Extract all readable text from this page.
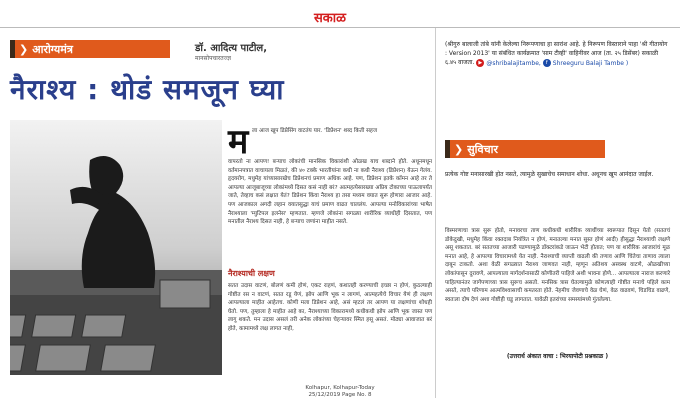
सकाळ
❯ आरोग्यमंत्र	डॉ. आदित्य पाटील,
मानसोपचारतज्ज्ञ
नैराश्य : थोडं समजून घ्या
म ला आज खूप डिप्रेसिंग वाटतंय यार. 'डिप्रेशन' शब्द किती सहज
वापरतो ना आपण! बऱ्याच लोकांची मानसिक विकारांशी ओळख याच शब्दाने होते. अधूनमधून वर्तमानपत्रात वाचायला मिळतं, की ४० टक्के भारतीयांना कधी ना कधी नैराश्य (डिप्रेशन) येऊन गेलंय. हृदयरोग, मधुमेह यांच्यासारखेच डिप्रेशनचं प्रमाण अधिक आहे. पण, डिप्रेशन इतके कॉमन आहे तर ते आपल्या आजूबाजूच्या लोकांमध्ये दिसत कसं नाही बरं? आत्महत्येसारख्या अप्रिय टोकाच्या पाऊलापर्यंत जाते, तेव्हाच कसं लक्षात येतं? डिप्रेशन किंवा नैराश्य हा तसा मध्यम वयात सुरू होणारा आजार आहे. पण आजकाल अगदी लहान वयातसुद्धा याचं प्रमाण वाढत चाललंय. आपल्या मनोविकारांच्या भाषेत नैराश्याला 'म्युटिपल इलनेस' म्हणतात. म्हणजे लोकांना सगळ्या शारीरिक व्याधीही दिसतात, पण मनातील नैराश्य दिसत नाही, हे बऱ्याच जणांना माहीत नसते.
नैराश्याची लक्षण
सतत उदास वाटणं, बोलणं कमी होणं, एकट राहणं, कशातही करण्याची इच्छा न होणं, कुठल्याही गोष्टीत रस न वाटणं, सतत रडू येणं, झोप आणि भूक न लागणं, आत्महत्येचे विचार येणं ही लक्षण आपल्याला माहीत आहेतच. कोणी मला डिप्रेशन आहे, असं म्हटलं तर आपण या लक्षणांचा शोधही घेतो. पण, तुम्हाला हे माहीत आहे का, नैराश्याच्या विकारामध्ये कधीकधी झोप आणि भूक जास्त पण लागू शकते. मन उदास असलं तरी अनेक लोकांच्या चेहऱ्यावर स्मित हसू असतं. मोठ्या आवाजात बरं होते, कामामध्ये लक्ष लागत नाही,
(श्रीगुरु बालाजी तांबे यांनी केलेल्या निरूपणाचा हा सारांश आहे. हे निरूपण विस्ताराने पाहा 'श्री गीतायोग : Version 2013' या संबंधित कार्यक्रमात 'साम टीव्ही' वाहिनीवर आज (ता. २५ डिसेंबर) सकाळी ६.४५ वाजता. ▶ @shribalajitambe,
	f Shreeguru Balaji Tambe )
❯ सुविचार
प्रत्येक गोष्ट मनासारखी होत नसते, त्यामुळे सुखाचेच समाधान शोधा. अधूनच खूप आनंदात जाईल.
विस्मरणाचा त्रास सुरू होतो, मनावरचा ताण कधीकधी शारीरिक व्याधींच्या स्वरूपात दिसून येतो (सततचं डोकेदुखी, मधुमेह किंवा रक्तदाब नियंत्रित न होणं, मनातल्या मनात सुस्त होणं आदी) हीसुद्धा नैराश्याची लक्षणे असू शकतात. बरं सततच्या आजारी पडण्यामुळे डॉक्टरांकडे जाऊन भेटी होतात; पण या शारीरिक आजारांचं मूळ मनात आहे, हे आपल्या विचारामध्ये येत नाही. नैराश्याची व्याप्ती वाढली की तणाव आणि चिंतेचा ताणाव त्याला दाबून टाकतो. अशा वेळी सगळ्यात नैराश्य जाणवत नाही, म्हणून अतिशय अस्वस्थ वाटणे, ओळखीच्या लोकांपासून दुरावणे, आपल्याला मार्गदर्शनासाठी कोणीतरी पाहिजे अशी भावना होणे... आपल्याला नाराज करणारे पाहिल्यानंतर जागेपणाच्या त्रास सुरूच असतो. मनसिक त्रास घेतल्यामुळे कोणत्याही गोष्टीत मनाचे पहिले काम असते, त्याचे परिणाम आत्मविश्वासाची कमतरता होते. नेहमीच जेवणाचे वेळ घेणं, वेळ वाढवणं, चिडचिड वाढणे, स्वतःला दोष देणं अशा गोष्टीही घडू लागतात. यावेळी इतरांच्या समस्यांमध्ये गुंतलेल्या.
(उत्तरार्ध अंकात वाचा : भिरयापोटी प्रश्नकाळ )
Kolhapur, Kolhapur-Today
25/12/2019 Page No. 8
